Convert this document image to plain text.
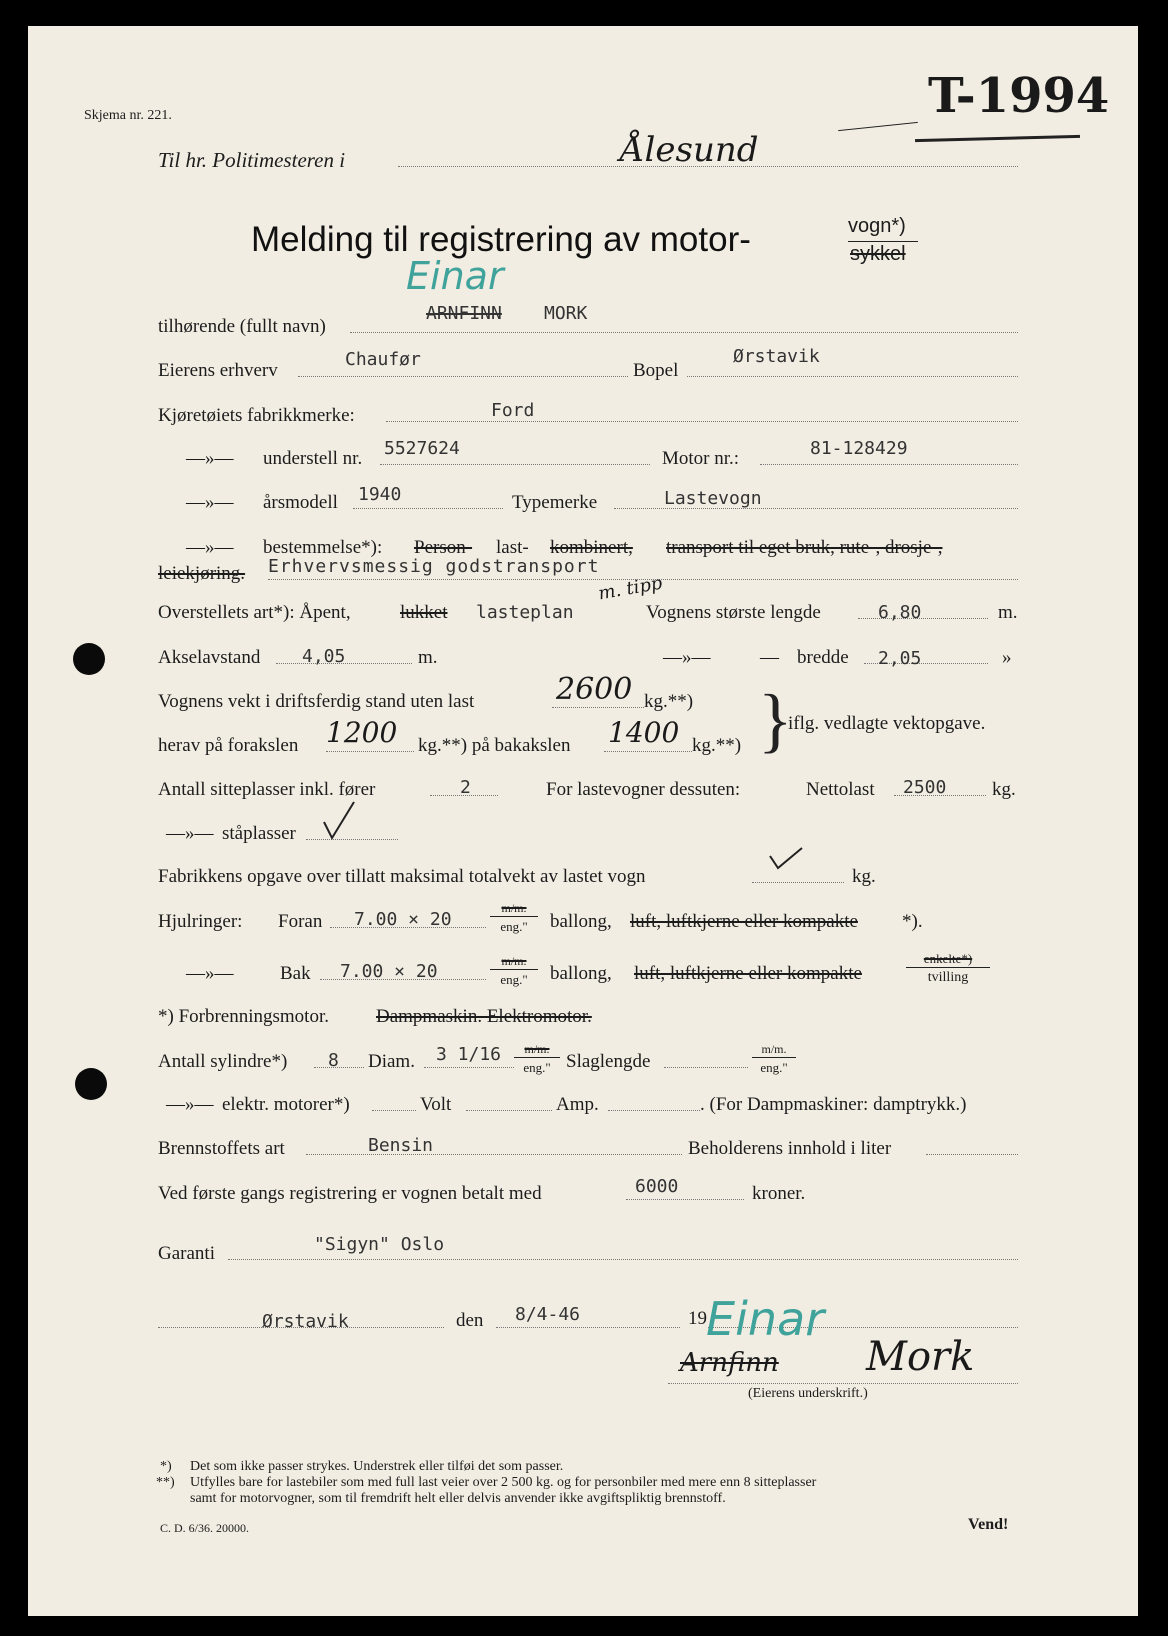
Skjema nr. 221.	T-1994
Til hr. Politimesteren i	Ålesund
Melding til registrering av motor-	vogn*)
sykkel
Einar
tilhørende (fullt navn)
ARNFINN MORK
Eierens erhverv
Chaufør
Bopel
Ørstavik
Kjøretøiets fabrikkmerke:	Ford
—»— understell nr. 5527624	Motor nr.:	81-128429
—»— årsmodell 1940	Typemerke	Lastevogn
—»— bestemmelse*): Person- last- kombinert, transport til eget bruk, rute-, drosje-,
leiekjøring. Erhvervsmessig godstransport
Overstellets art*): Åpent,	lukket lasteplan
m. tipp
Vognens største lengde	6,80	m.
Akselavstand 4,05	m.	—»—	— bredde 2,05	»
Vognens vekt i driftsferdig stand uten last	2600 kg.**) }
iflg. vedlagte vektopgave.
herav på forakslen 1200 kg.**) på bakakslen 1400 kg.**)
Antall sitteplasser inkl. fører	2	For lastevogner dessuten:	Nettolast 2500 kg.
—»— ståplasser
Fabrikkens opgave over tillatt maksimal totalvekt av lastet vogn	kg.
Hjulringer: Foran 7.00 × 20
m/m.
eng."	ballong, luft, luftkjerne eller kompakte *).
—»— Bak 7.00 × 20	m/m.
eng."	ballong, luft, luftkjerne eller kompakte
enkelte*)
tvilling
*) Forbrenningsmotor. Dampmaskin. Elektromotor.
Antall sylindre*) 8 Diam. 3 1/16	m/m.
eng." Slaglengde
m/m.
eng."
—»— elektr. motorer*)	Volt	Amp.	. (For Dampmaskiner: damptrykk.)
Brennstoffets art	Bensin	Beholderens innhold i liter
Ved første gangs registrering er vognen betalt med	6000	kroner.
Garanti	"Sigyn" Oslo
Ørstavik	den 8/4-46	19 Einar
Arnfinn Mork
(Eierens underskrift.)
*) Det som ikke passer strykes. Understrek eller tilføi det som passer.
**) Utfylles bare for lastebiler som med full last veier over 2 500 kg. og for personbiler med mere enn 8 sitteplasser
samt for motorvogner, som til fremdrift helt eller delvis anvender ikke avgiftspliktig brennstoff.
C. D. 6/36. 20000.	Vend!
